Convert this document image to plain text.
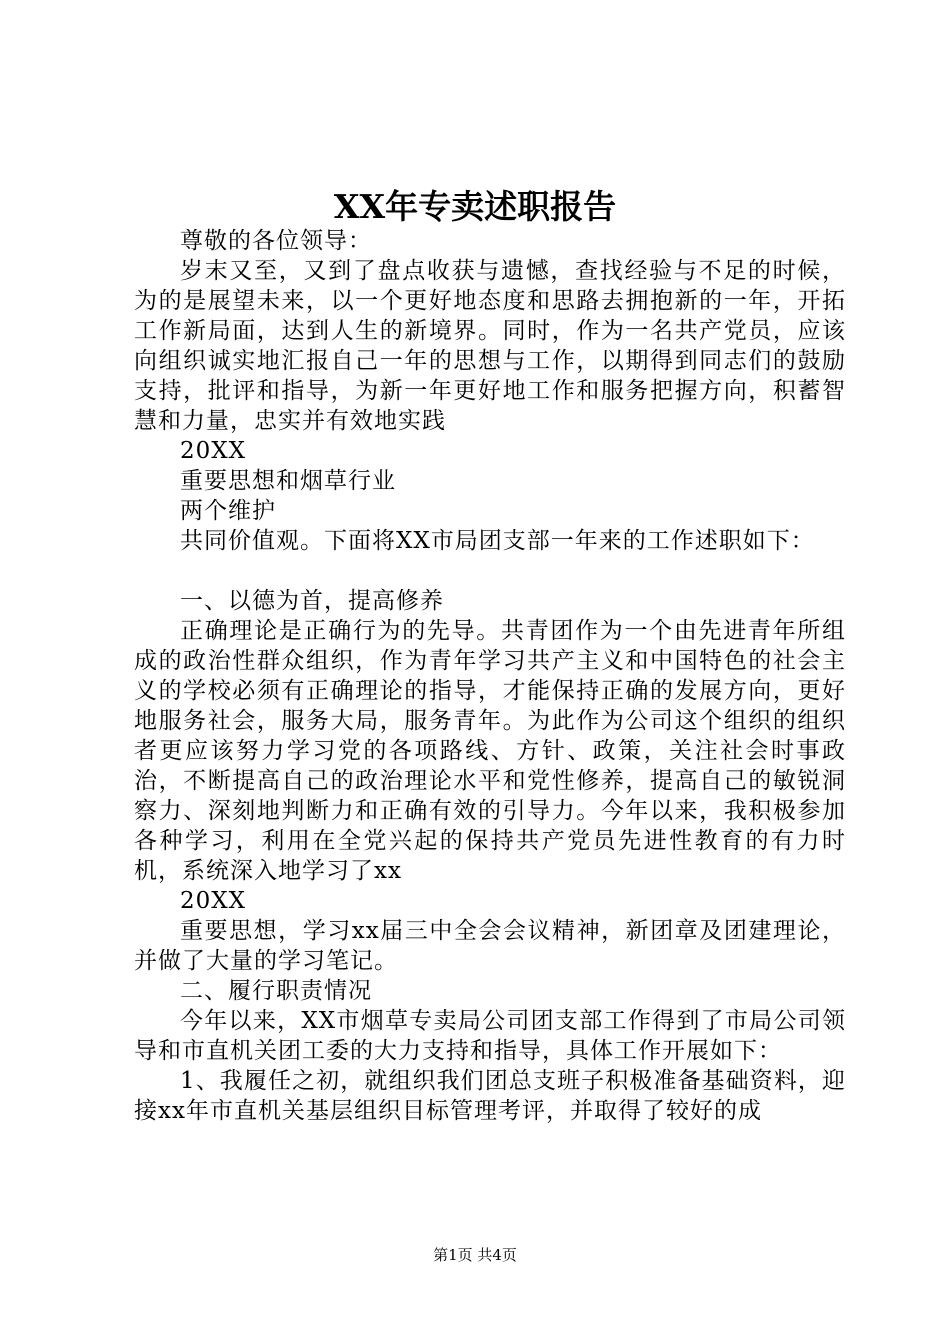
XX年专卖述职报告

尊敬的各位领导：

岁末又至，又到了盘点收获与遗憾，查找经验与不足的时候，为的是展望未来，以一个更好地态度和思路去拥抱新的一年，开拓工作新局面，达到人生的新境界。同时，作为一名共产党员，应该向组织诚实地汇报自己一年的思想与工作，以期得到同志们的鼓励支持，批评和指导，为新一年更好地工作和服务把握方向，积蓄智慧和力量，忠实并有效地实践

20XX

重要思想和烟草行业

两个维护

共同价值观。下面将XX市局团支部一年来的工作述职如下：

一、以德为首，提高修养

正确理论是正确行为的先导。共青团作为一个由先进青年所组成的政治性群众组织，作为青年学习共产主义和中国特色的社会主义的学校必须有正确理论的指导，才能保持正确的发展方向，更好地服务社会，服务大局，服务青年。为此作为公司这个组织的组织者更应该努力学习党的各项路线、方针、政策，关注社会时事政治，不断提高自己的政治理论水平和党性修养，提高自己的敏锐洞察力、深刻地判断力和正确有效的引导力。今年以来，我积极参加各种学习，利用在全党兴起的保持共产党员先进性教育的有力时机，系统深入地学习了xx

20XX

重要思想，学习xx届三中全会会议精神，新团章及团建理论，并做了大量的学习笔记。

二、履行职责情况

今年以来，XX市烟草专卖局公司团支部工作得到了市局公司领导和市直机关团工委的大力支持和指导，具体工作开展如下：

1、我履任之初，就组织我们团总支班子积极准备基础资料，迎接xx年市直机关基层组织目标管理考评，并取得了较好的成

第1页 共4页
